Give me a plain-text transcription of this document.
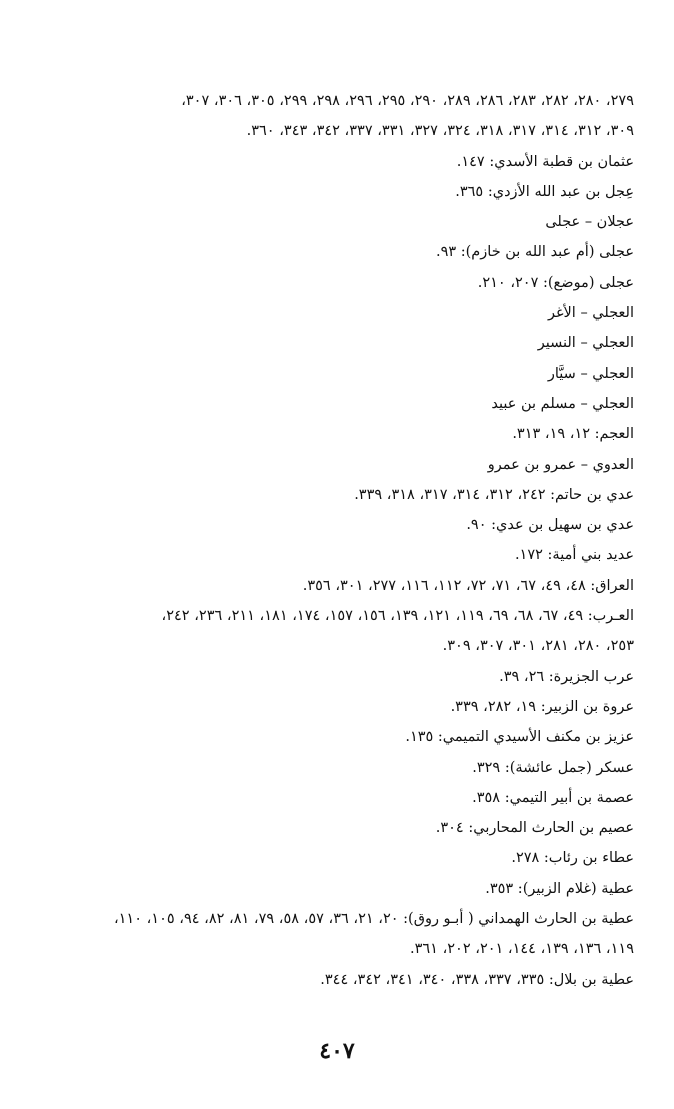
٢٧٩، ٢٨٠، ٢٨٢، ٢٨٣، ٢٨٦، ٢٨٩، ٢٩٠، ٢٩٥، ٢٩٦، ٢٩٨، ٢٩٩، ٣٠٥، ٣٠٦، ٣٠٧،
٣٠٩، ٣١٢، ٣١٤، ٣١٧، ٣١٨، ٣٢٤، ٣٢٧، ٣٣١، ٣٣٧، ٣٤٢، ٣٤٣، ٣٦٠.
عثمان بن قطبة الأسدي: ١٤٧.
عِجل بن عبد الله الأزدي: ٣٦٥.
عجلان – عجلى
عجلى (أم عبد الله بن خازم): ٩٣.
عجلى (موضع): ٢٠٧، ٢١٠.
العجلي – الأغر
العجلي – النسير
العجلي – سيَّار
العجلي – مسلم بن عبيد
العجم: ١٢، ١٩، ٣١٣.
العدوي – عمرو بن عمرو
عدي بن حاتم: ٢٤٢، ٣١٢، ٣١٤، ٣١٧، ٣١٨، ٣٣٩.
عدي بن سهيل بن عدي: ٩٠.
عديد بني أمية: ١٧٢.
العراق: ٤٨، ٤٩، ٦٧، ٧١، ٧٢، ١١٢، ١١٦، ٢٧٧، ٣٠١، ٣٥٦.
العـرب: ٤٩، ٦٧، ٦٨، ٦٩، ١١٩، ١٢١، ١٣٩، ١٥٦، ١٥٧، ١٧٤، ١٨١، ٢١١، ٢٣٦، ٢٤٢،
٢٥٣، ٢٨٠، ٢٨١، ٣٠١، ٣٠٧، ٣٠٩.
عرب الجزيرة: ٢٦، ٣٩.
عروة بن الزبير: ١٩، ٢٨٢، ٣٣٩.
عزيز بن مكنف الأسيدي التميمي: ١٣٥.
عسكر (جمل عائشة): ٣٢٩.
عصمة بن أبير التيمي: ٣٥٨.
عصيم بن الحارث المحاربي: ٣٠٤.
عطاء بن رئاب: ٢٧٨.
عطية (غلام الزبير): ٣٥٣.
عطية بن الحارث الهمداني ( أبـو روق): ٢٠، ٢١، ٣٦، ٥٧، ٥٨، ٧٩، ٨١، ٨٢، ٩٤، ١٠٥، ١١٠،
١١٩، ١٣٦، ١٣٩، ١٤٤، ٢٠١، ٢٠٢، ٣٦١.
عطية بن بلال: ٣٣٥، ٣٣٧، ٣٣٨، ٣٤٠، ٣٤١، ٣٤٢، ٣٤٤.
٤٠٧
